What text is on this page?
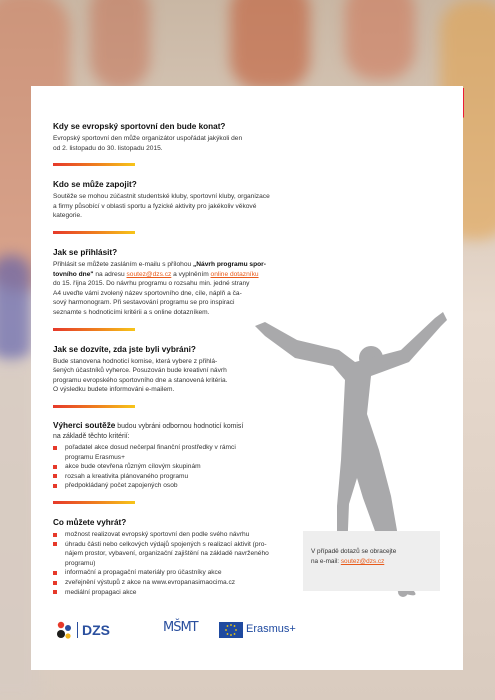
Kdy se evropský sportovní den bude konat?

Evropský sportovní den může organizátor uspořádat jakýkoli den
od 2. listopadu do 30. listopadu 2015.

Kdo se může zapojit?

Soutěže se mohou zúčastnit studentské kluby, sportovní kluby, organizace
a firmy působící v oblasti sportu a fyzické aktivity pro jakékoliv věkové
kategorie.

Jak se přihlásit?

Přihlásit se můžete zasláním e-mailu s přílohou „Návrh programu spor-
tovního dne" na adresu soutez@dzs.cz a vyplněním online dotazníku
do 15. října 2015. Do návrhu programu o rozsahu min. jedné strany
A4 uveďte vámi zvolený název sportovního dne, cíle, náplň a ča-
sový harmonogram. Při sestavování programu se pro inspiraci
seznamte s hodnoticími kritérii a s online dotazníkem.

Jak se dozvíte, zda jste byli vybráni?

Bude stanovena hodnoticí komise, která vybere z přihlá-
šených účastníků vyherce. Posuzován bude kreativní návrh
programu evropského sportovního dne a stanovená kritéria.
O výsledku budete informováni e-mailem.

Výherci soutěže budou vybráni odbornou hodnoticí komisí
na základě těchto kritérií:

pořadatel akce dosud nečerpal finanční prostředky v rámci
programu Erasmus+
akce bude otevřena různým cílovým skupinám
rozsah a kreativita plánovaného programu
předpokládaný počet zapojených osob
Co můžete vyhrát?
možnost realizovat evropský sportovní den podle svého návrhu
úhradu části nebo celkových výdajů spojených s realizací aktivit (pro-
nájem prostor, vybavení, organizační zajištění na základě navrženého
programu)
informační a propagační materiály pro účastníky akce
zveřejnění výstupů z akce na www.evropanasimaocima.cz
mediální propagaci akce
V případě dotazů se obracejte
na e-mail: soutez@dzs.cz
DZS	MŠMT	Erasmus+
